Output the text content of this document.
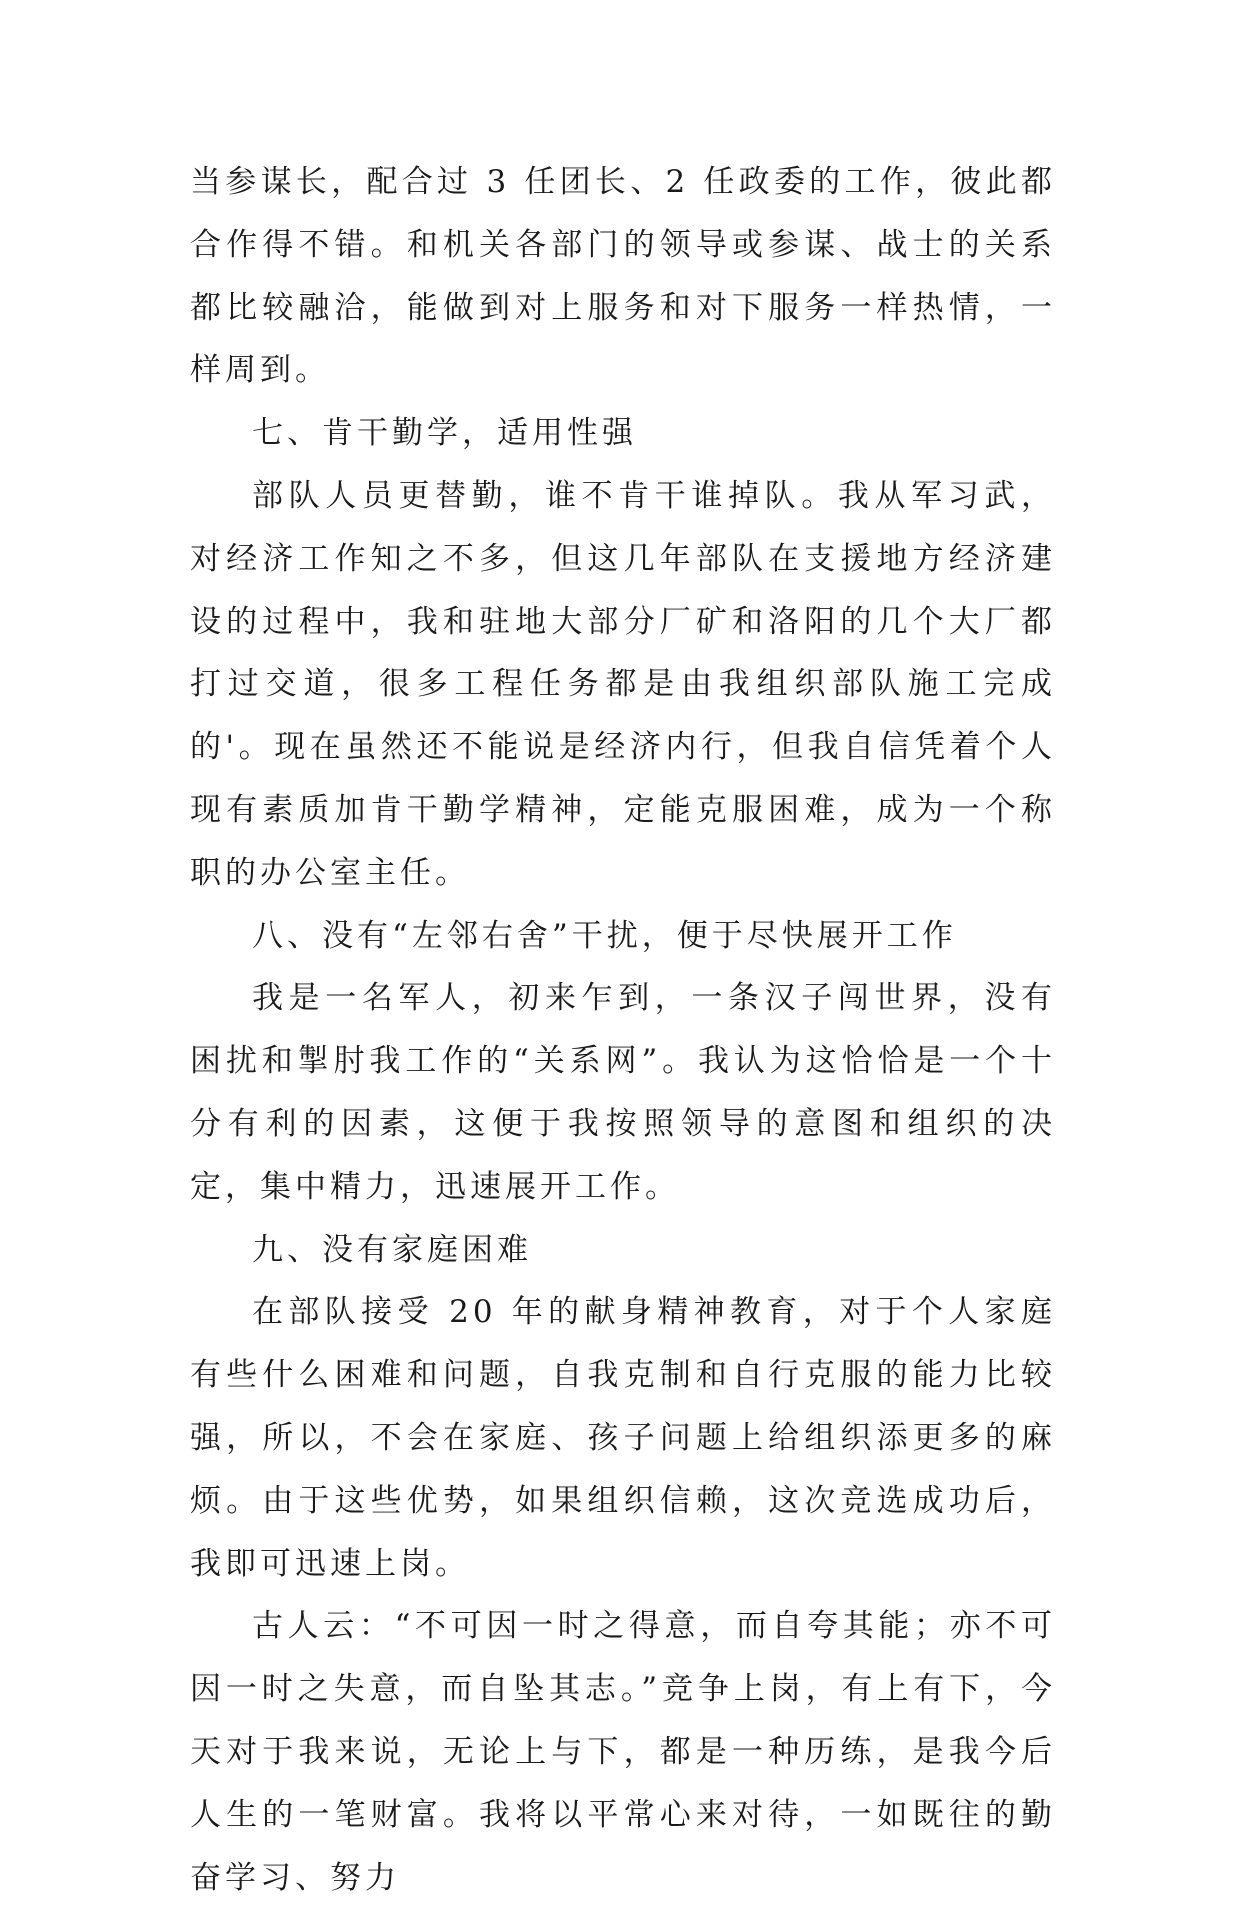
当参谋长，配合过 3 任团长、2 任政委的工作，彼此都合作得不错。和机关各部门的领导或参谋、战士的关系都比较融洽，能做到对上服务和对下服务一样热情，一样周到。

七、肯干勤学，适用性强

部队人员更替勤，谁不肯干谁掉队。我从军习武，对经济工作知之不多，但这几年部队在支援地方经济建设的过程中，我和驻地大部分厂矿和洛阳的几个大厂都打过交道，很多工程任务都是由我组织部队施工完成的'。现在虽然还不能说是经济内行，但我自信凭着个人现有素质加肯干勤学精神，定能克服困难，成为一个称职的办公室主任。

八、没有“左邻右舍”干扰，便于尽快展开工作

我是一名军人，初来乍到，一条汉子闯世界，没有困扰和掣肘我工作的“关系网”。我认为这恰恰是一个十分有利的因素，这便于我按照领导的意图和组织的决定，集中精力，迅速展开工作。

九、没有家庭困难

在部队接受 20 年的献身精神教育，对于个人家庭有些什么困难和问题，自我克制和自行克服的能力比较强，所以，不会在家庭、孩子问题上给组织添更多的麻烦。由于这些优势，如果组织信赖，这次竞选成功后，我即可迅速上岗。

古人云：“不可因一时之得意，而自夸其能；亦不可因一时之失意，而自坠其志。”竞争上岗，有上有下，今天对于我来说，无论上与下，都是一种历练，是我今后人生的一笔财富。我将以平常心来对待，一如既往的勤奋学习、努力
